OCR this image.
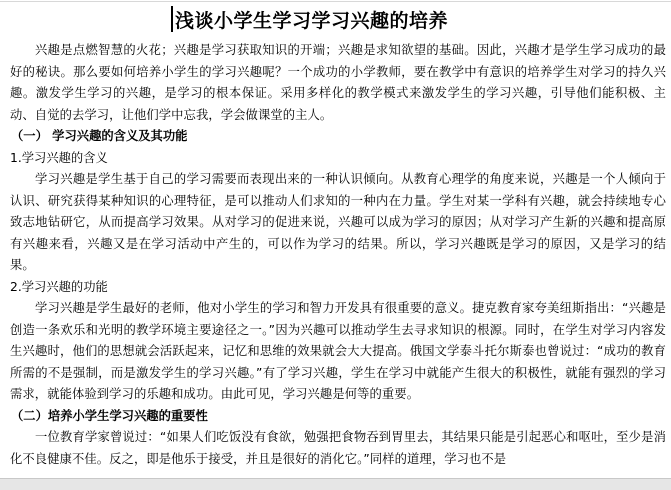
浅谈小学生学习学习兴趣的培养

兴趣是点燃智慧的火花；兴趣是学习获取知识的开端；兴趣是求知欲望的基础。因此，兴趣才是学生学习成功的最好的秘诀。那么要如何培养小学生的学习兴趣呢？一个成功的小学教师，要在教学中有意识的培养学生对学习的持久兴趣。激发学生学习的兴趣，是学习的根本保证。采用多样化的教学模式来激发学生的学习兴趣，引导他们能积极、主动、自觉的去学习，让他们学中忘我，学会做课堂的主人。

（一） 学习兴趣的含义及其功能

1.学习兴趣的含义

学习兴趣是学生基于自己的学习需要而表现出来的一种认识倾向。从教育心理学的角度来说，兴趣是一个人倾向于认识、研究获得某种知识的心理特征，是可以推动人们求知的一种内在力量。学生对某一学科有兴趣，就会持续地专心致志地钻研它，从而提高学习效果。从对学习的促进来说，兴趣可以成为学习的原因；从对学习产生新的兴趣和提高原有兴趣来看，兴趣又是在学习活动中产生的，可以作为学习的结果。所以，学习兴趣既是学习的原因，又是学习的结果。

2.学习兴趣的功能

学习兴趣是学生最好的老师，他对小学生的学习和智力开发具有很重要的意义。捷克教育家夸美纽斯指出：“兴趣是创造一条欢乐和光明的教学环境主要途径之一。”因为兴趣可以推动学生去寻求知识的根源。同时，在学生对学习内容发生兴趣时，他们的思想就会活跃起来，记忆和思维的效果就会大大提高。俄国文学泰斗托尔斯泰也曾说过：“成功的教育所需的不是强制，而是激发学生的学习兴趣。”有了学习兴趣，学生在学习中就能产生很大的积极性，就能有强烈的学习需求，就能体验到学习的乐趣和成功。由此可见，学习兴趣是何等的重要。

（二）培养小学生学习兴趣的重要性

一位教育学家曾说过：“如果人们吃饭没有食欲，勉强把食物吞到胃里去，其结果只能是引起恶心和呕吐，至少是消化不良健康不佳。反之，即是他乐于接受，并且是很好的消化它。”同样的道理，学习也不是
